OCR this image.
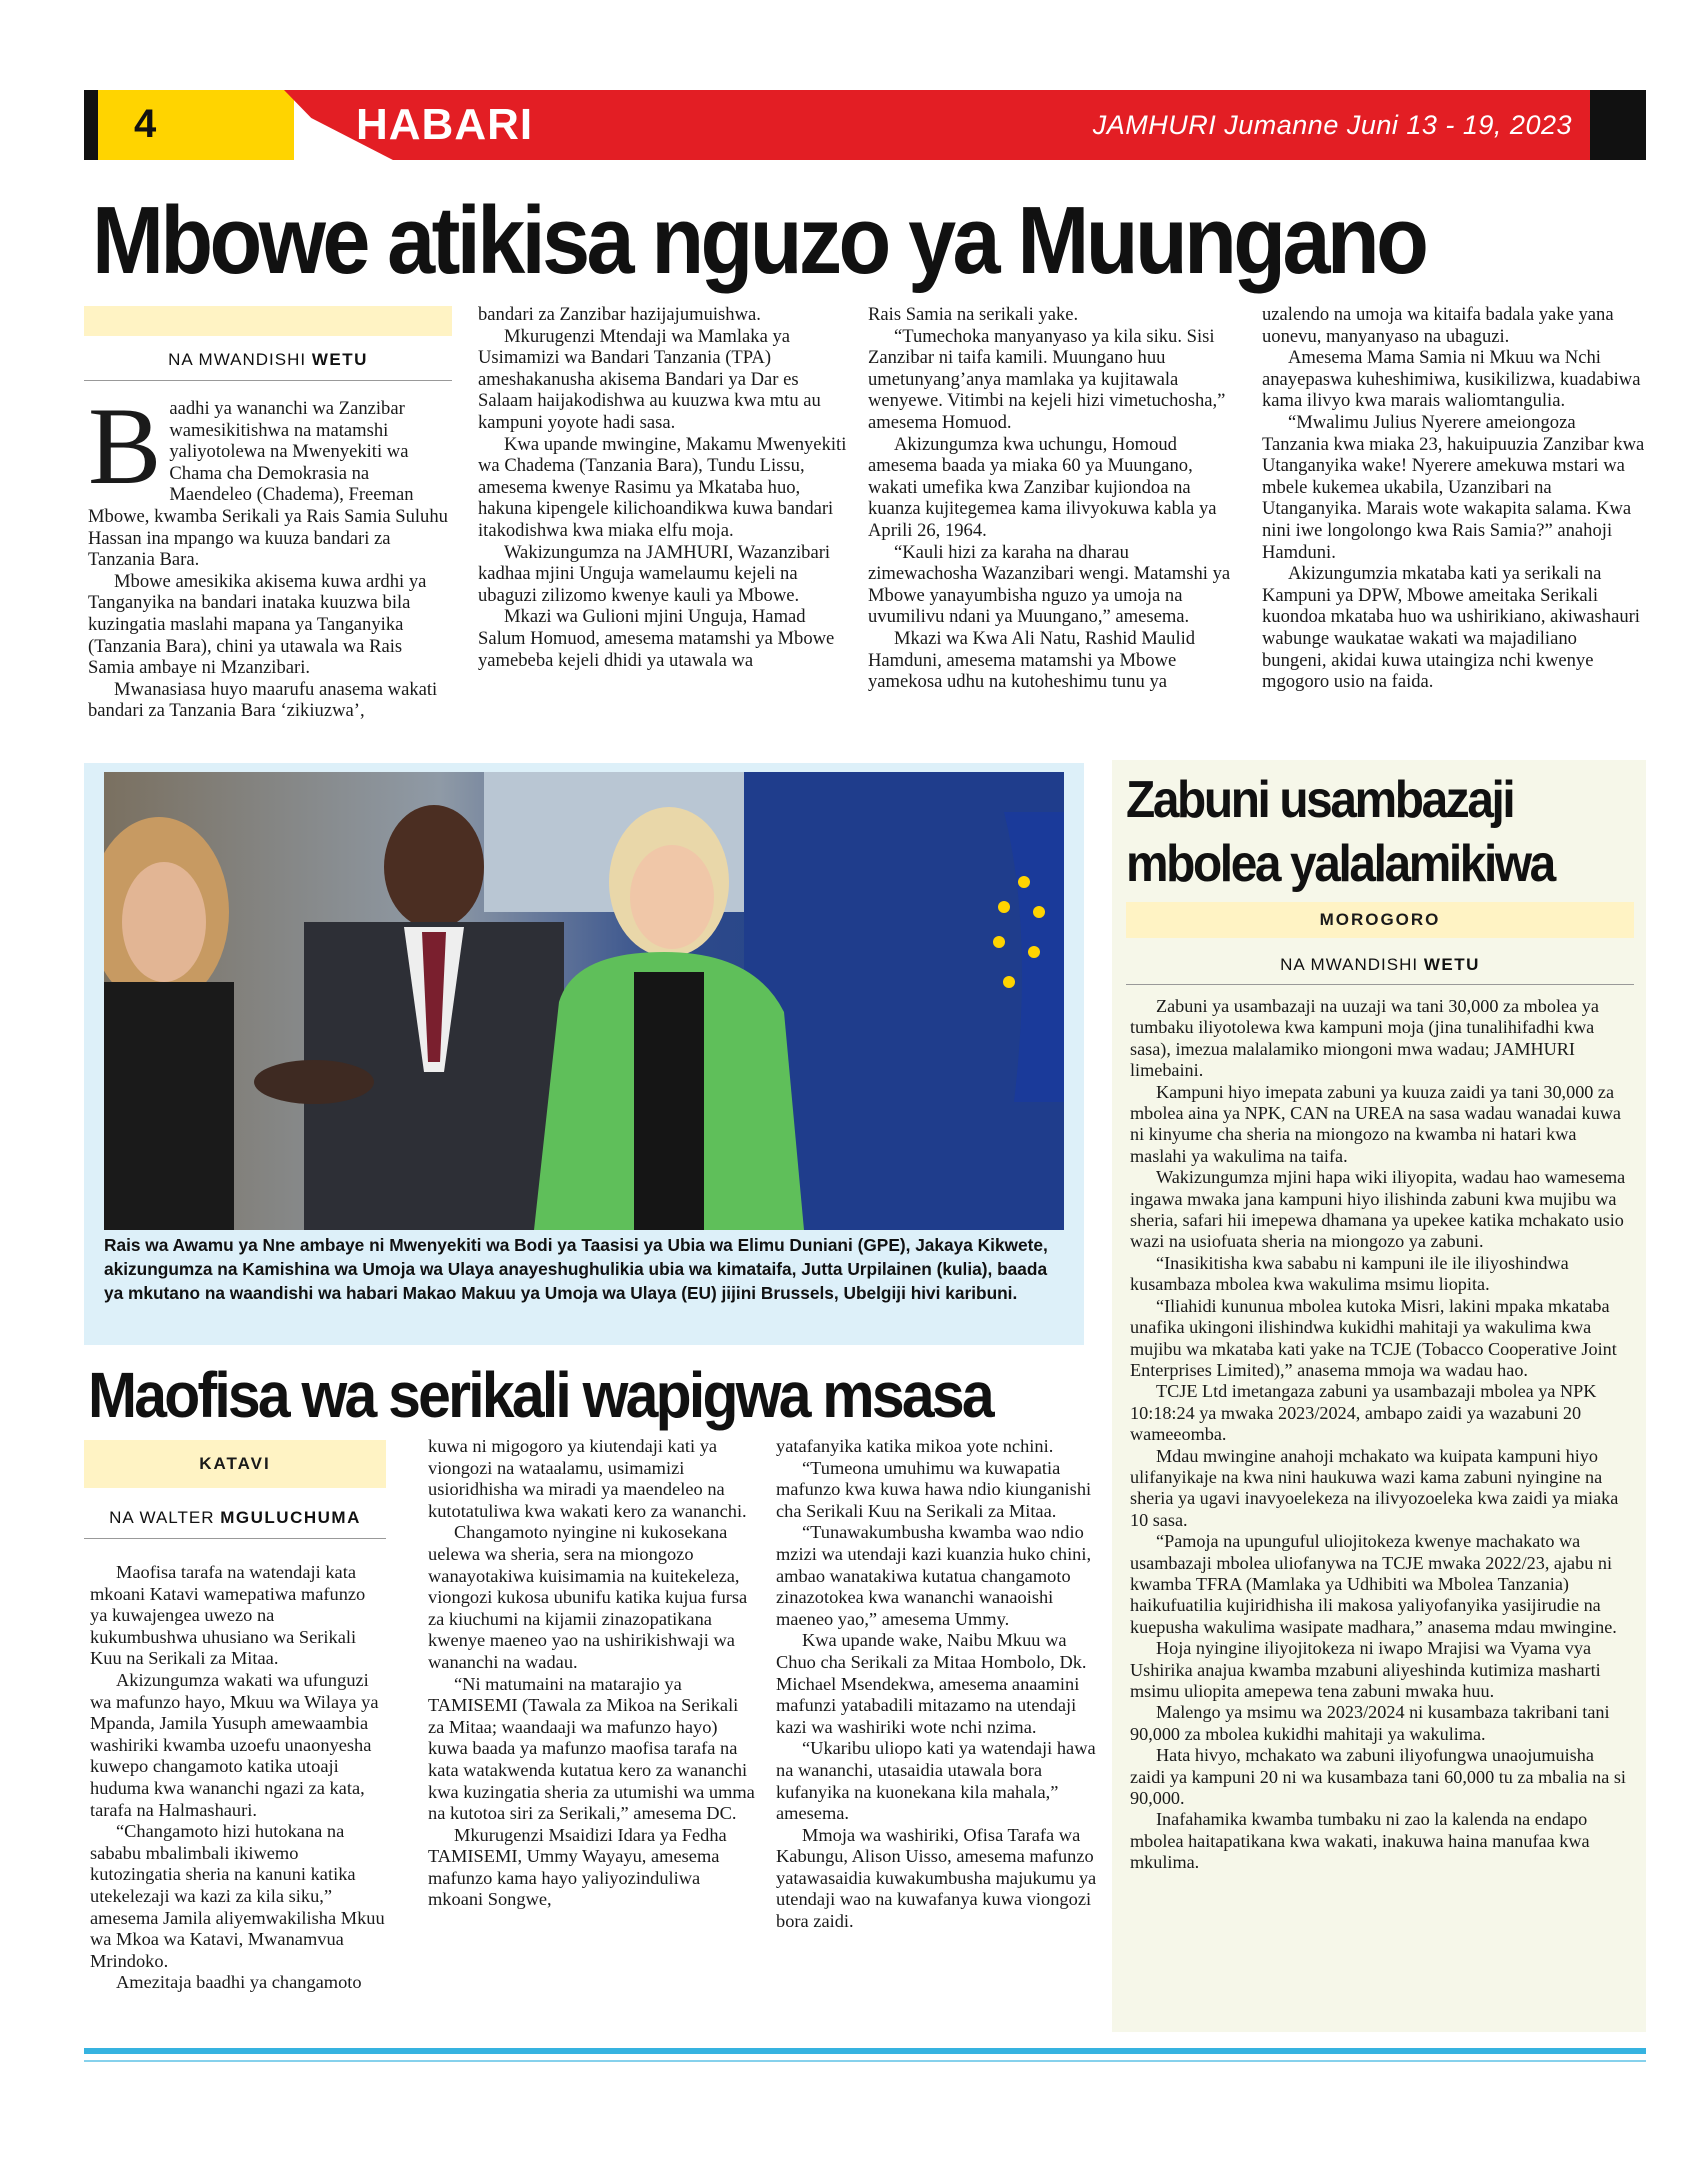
4	HABARI	JAMHURI Jumanne Juni 13 - 19, 2023
Mbowe atikisa nguzo ya Muungano
NA MWANDISHI WETU

Baadhi ya wananchi wa Zanzibar wamesikitishwa na matamshi yaliyotolewa na Mwenyekiti wa Chama cha Demokrasia na Maendeleo (Chadema), Freeman Mbowe, kwamba Serikali ya Rais Samia Suluhu Hassan ina mpango wa kuuza bandari za Tanzania Bara.

Mbowe amesikika akisema kuwa ardhi ya Tanganyika na bandari inataka kuuzwa bila kuzingatia maslahi mapana ya Tanganyika (Tanzania Bara), chini ya utawala wa Rais Samia ambaye ni Mzanzibari.

Mwanasiasa huyo maarufu anasema wakati bandari za Tanzania Bara ‘zikiuzwa’,

bandari za Zanzibar hazijajumuishwa.

Mkurugenzi Mtendaji wa Mamlaka ya Usimamizi wa Bandari Tanzania (TPA) ameshakanusha akisema Bandari ya Dar es Salaam haijakodishwa au kuuzwa kwa mtu au kampuni yoyote hadi sasa.

Kwa upande mwingine, Makamu Mwenyekiti wa Chadema (Tanzania Bara), Tundu Lissu, amesema kwenye Rasimu ya Mkataba huo, hakuna kipengele kilichoandikwa kuwa bandari itakodishwa kwa miaka elfu moja.

Wakizungumza na JAMHURI, Wazanzibari kadhaa mjini Unguja wamelaumu kejeli na ubaguzi zilizomo kwenye kauli ya Mbowe.

Mkazi wa Gulioni mjini Unguja, Hamad Salum Homuod, amesema matamshi ya Mbowe yamebeba kejeli dhidi ya utawala wa

Rais Samia na serikali yake.

“Tumechoka manyanyaso ya kila siku. Sisi Zanzibar ni taifa kamili. Muungano huu umetunyang’anya mamlaka ya kujitawala wenyewe. Vitimbi na kejeli hizi vimetuchosha,” amesema Homuod.

Akizungumza kwa uchungu, Homoud amesema baada ya miaka 60 ya Muungano, wakati umefika kwa Zanzibar kujiondoa na kuanza kujitegemea kama ilivyokuwa kabla ya Aprili 26, 1964.

“Kauli hizi za karaha na dharau zimewachosha Wazanzibari wengi. Matamshi ya Mbowe yanayumbisha nguzo ya umoja na uvumilivu ndani ya Muungano,” amesema.

Mkazi wa Kwa Ali Natu, Rashid Maulid Hamduni, amesema matamshi ya Mbowe yamekosa udhu na kutoheshimu tunu ya

uzalendo na umoja wa kitaifa badala yake yana uonevu, manyanyaso na ubaguzi.

Amesema Mama Samia ni Mkuu wa Nchi anayepaswa kuheshimiwa, kusikilizwa, kuadabiwa kama ilivyo kwa marais waliomtangulia.

“Mwalimu Julius Nyerere ameiongoza Tanzania kwa miaka 23, hakuipuuzia Zanzibar kwa Utanganyika wake! Nyerere amekuwa mstari wa mbele kukemea ukabila, Uzanzibari na Utanganyika. Marais wote wakapita salama. Kwa nini iwe longolongo kwa Rais Samia?” anahoji Hamduni.

Akizungumzia mkataba kati ya serikali na Kampuni ya DPW, Mbowe ameitaka Serikali kuondoa mkataba huo wa ushirikiano, akiwashauri wabunge waukatae wakati wa majadiliano bungeni, akidai kuwa utaingiza nchi kwenye mgogoro usio na faida.

Rais wa Awamu ya Nne ambaye ni Mwenyekiti wa Bodi ya Taasisi ya Ubia wa Elimu Duniani (GPE), Jakaya Kikwete, akizungumza na Kamishina wa Umoja wa Ulaya anayeshughulikia ubia wa kimataifa, Jutta Urpilainen (kulia), baada ya mkutano na waandishi wa habari Makao Makuu ya Umoja wa Ulaya (EU) jijini Brussels, Ubelgiji hivi karibuni.
Zabuni usambazaji
mbolea yalalamikiwa
MOROGORO
NA MWANDISHI WETU

Zabuni ya usambazaji na uuzaji wa tani 30,000 za mbolea ya tumbaku iliyotolewa kwa kampuni moja (jina tunalihifadhi kwa sasa), imezua malalamiko miongoni mwa wadau; JAMHURI limebaini.

Kampuni hiyo imepata zabuni ya kuuza zaidi ya tani 30,000 za mbolea aina ya NPK, CAN na UREA na sasa wadau wanadai kuwa ni kinyume cha sheria na miongozo na kwamba ni hatari kwa maslahi ya wakulima na taifa.

Wakizungumza mjini hapa wiki iliyopita, wadau hao wamesema ingawa mwaka jana kampuni hiyo ilishinda zabuni kwa mujibu wa sheria, safari hii imepewa dhamana ya upekee katika mchakato usio wazi na usiofuata sheria na miongozo ya zabuni.

“Inasikitisha kwa sababu ni kampuni ile ile iliyoshindwa kusambaza mbolea kwa wakulima msimu liopita.

“Iliahidi kununua mbolea kutoka Misri, lakini mpaka mkataba unafika ukingoni ilishindwa kukidhi mahitaji ya wakulima kwa mujibu wa mkataba kati yake na TCJE (Tobacco Cooperative Joint Enterprises Limited),” anasema mmoja wa wadau hao.

TCJE Ltd imetangaza zabuni ya usambazaji mbolea ya NPK 10:18:24 ya mwaka 2023/2024, ambapo zaidi ya wazabuni 20 wameeomba.

Mdau mwingine anahoji mchakato wa kuipata kampuni hiyo ulifanyikaje na kwa nini haukuwa wazi kama zabuni nyingine na sheria ya ugavi inavyoelekeza na ilivyozoeleka kwa zaidi ya miaka 10 sasa.

“Pamoja na upunguful uliojitokeza kwenye machakato wa usambazaji mbolea uliofanywa na TCJE mwaka 2022/23, ajabu ni kwamba TFRA (Mamlaka ya Udhibiti wa Mbolea Tanzania) haikufuatilia kujiridhisha ili makosa yaliyofanyika yasijirudie na kuepusha wakulima wasipate madhara,” anasema mdau mwingine.

Hoja nyingine iliyojitokeza ni iwapo Mrajisi wa Vyama vya Ushirika anajua kwamba mzabuni aliyeshinda kutimiza masharti msimu uliopita amepewa tena zabuni mwaka huu.

Malengo ya msimu wa 2023/2024 ni kusambaza takribani tani 90,000 za mbolea kukidhi mahitaji ya wakulima.

Hata hivyo, mchakato wa zabuni iliyofungwa unaojumuisha zaidi ya kampuni 20 ni wa kusambaza tani 60,000 tu za mbalia na si 90,000.

Inafahamika kwamba tumbaku ni zao la kalenda na endapo mbolea haitapatikana kwa wakati, inakuwa haina manufaa kwa mkulima.

Maofisa wa serikali wapigwa msasa
KATAVI
NA WALTER MGULUCHUMA

Maofisa tarafa na watendaji kata mkoani Katavi wamepatiwa mafunzo ya kuwajengea uwezo na kukumbushwa uhusiano wa Serikali Kuu na Serikali za Mitaa.

Akizungumza wakati wa ufunguzi wa mafunzo hayo, Mkuu wa Wilaya ya Mpanda, Jamila Yusuph amewaambia washiriki kwamba uzoefu unaonyesha kuwepo changamoto katika utoaji huduma kwa wananchi ngazi za kata, tarafa na Halmashauri.

“Changamoto hizi hutokana na sababu mbalimbali ikiwemo kutozingatia sheria na kanuni katika utekelezaji wa kazi za kila siku,” amesema Jamila aliyemwakilisha Mkuu wa Mkoa wa Katavi, Mwanamvua Mrindoko.

Amezitaja baadhi ya changamoto

kuwa ni migogoro ya kiutendaji kati ya viongozi na wataalamu, usimamizi usioridhisha wa miradi ya maendeleo na kutotatuliwa kwa wakati kero za wananchi.

Changamoto nyingine ni kukosekana uelewa wa sheria, sera na miongozo wanayotakiwa kuisimamia na kuitekeleza, viongozi kukosa ubunifu katika kujua fursa za kiuchumi na kijamii zinazopatikana kwenye maeneo yao na ushirikishwaji wa wananchi na wadau.

“Ni matumaini na matarajio ya TAMISEMI (Tawala za Mikoa na Serikali za Mitaa; waandaaji wa mafunzo hayo) kuwa baada ya mafunzo maofisa tarafa na kata watakwenda kutatua kero za wananchi kwa kuzingatia sheria za utumishi wa umma na kutotoa siri za Serikali,” amesema DC.

Mkurugenzi Msaidizi Idara ya Fedha TAMISEMI, Ummy Wayayu, amesema mafunzo kama hayo yaliyozinduliwa mkoani Songwe,

yatafanyika katika mikoa yote nchini.

“Tumeona umuhimu wa kuwapatia mafunzo kwa kuwa hawa ndio kiunganishi cha Serikali Kuu na Serikali za Mitaa.

“Tunawakumbusha kwamba wao ndio mzizi wa utendaji kazi kuanzia huko chini, ambao wanatakiwa kutatua changamoto zinazotokea kwa wananchi wanaoishi maeneo yao,” amesema Ummy.

Kwa upande wake, Naibu Mkuu wa Chuo cha Serikali za Mitaa Hombolo, Dk. Michael Msendekwa, amesema anaamini mafunzi yatabadili mitazamo na utendaji kazi wa washiriki wote nchi nzima.

“Ukaribu uliopo kati ya watendaji hawa na wananchi, utasaidia utawala bora kufanyika na kuonekana kila mahala,” amesema.

Mmoja wa washiriki, Ofisa Tarafa wa Kabungu, Alison Uisso, amesema mafunzo yatawasaidia kuwakumbusha majukumu ya utendaji wao na kuwafanya kuwa viongozi bora zaidi.
